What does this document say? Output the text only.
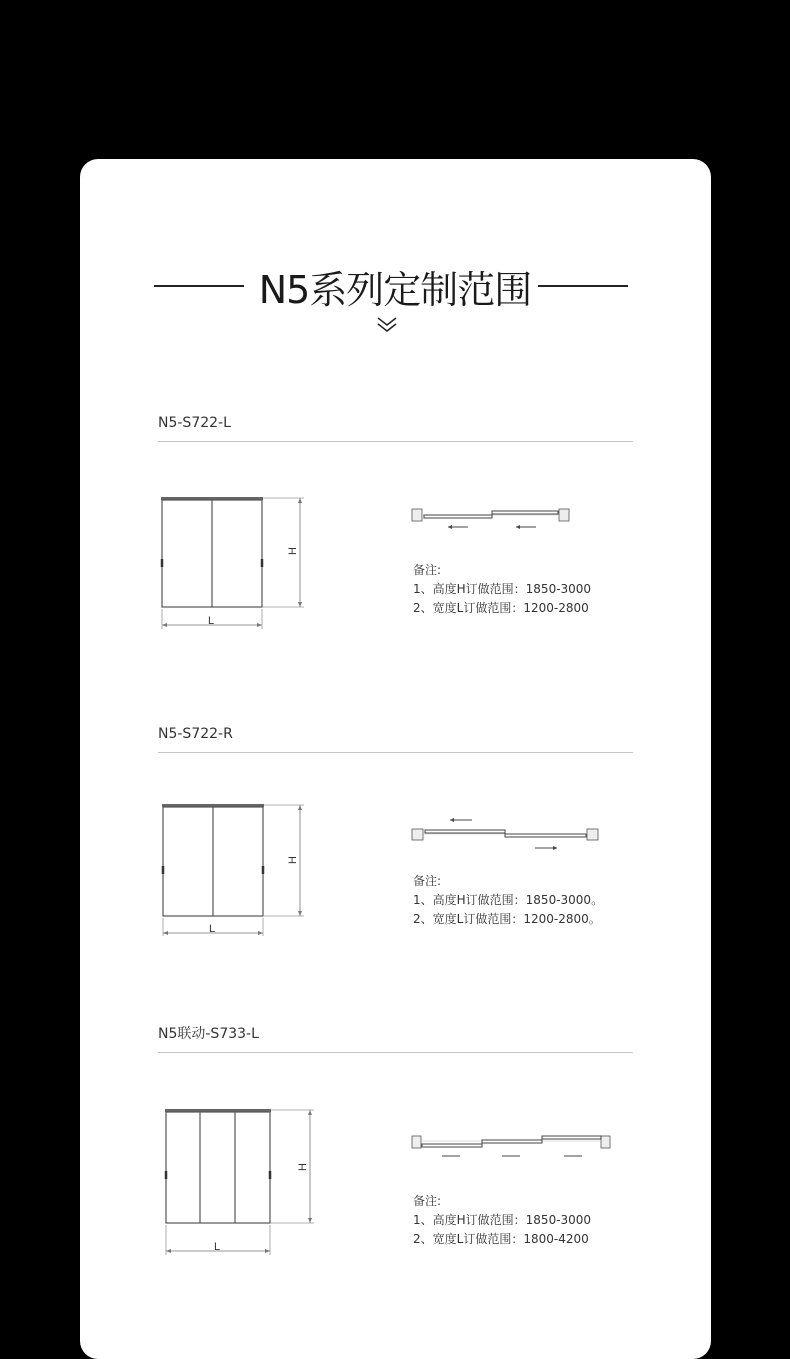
N5系列定制范围
N5-S722-L
H
L
备注:
1、高度H订做范围：1850-3000
2、宽度L订做范围：1200-2800
N5-S722-R
H
L
备注:
1、高度H订做范围：1850-3000。
2、宽度L订做范围：1200-2800。
N5联动-S733-L
H
L
备注:
1、高度H订做范围：1850-3000
2、宽度L订做范围：1800-4200
